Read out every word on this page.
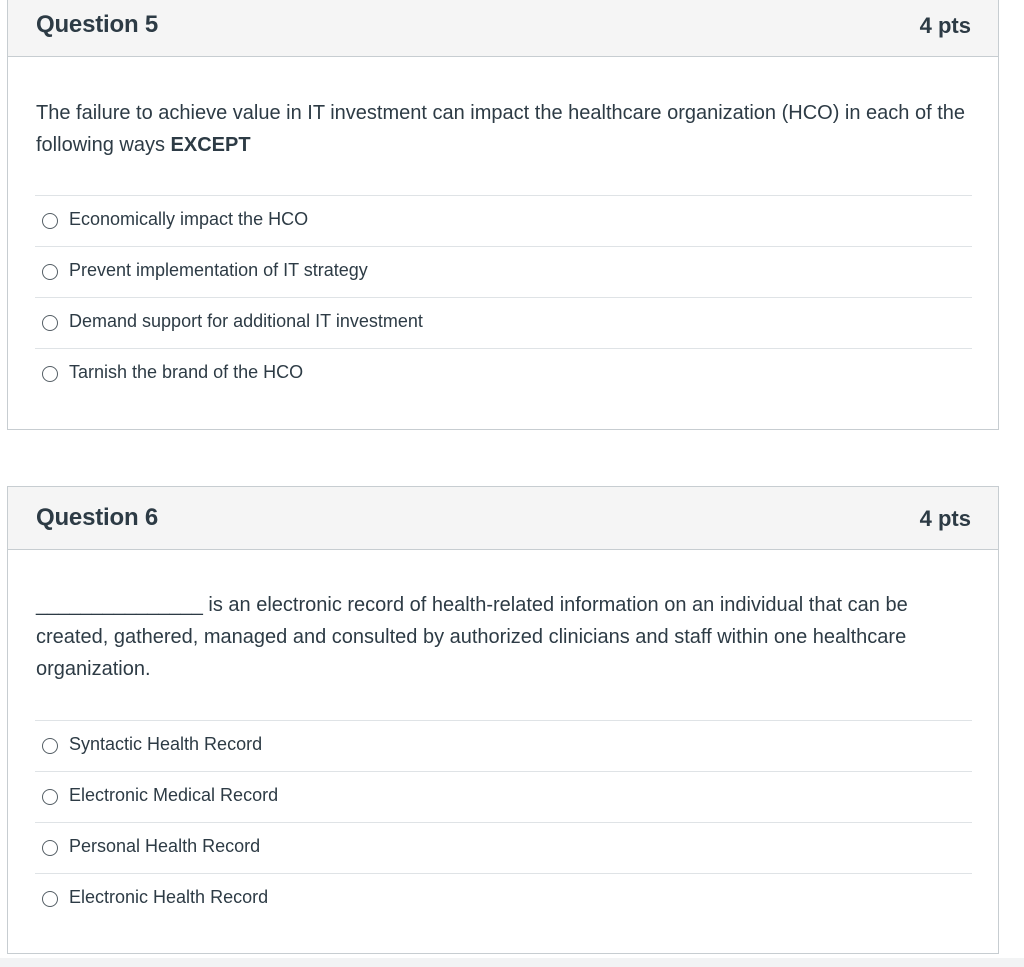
Question 5	4 pts
The failure to achieve value in IT investment can impact the healthcare organization (HCO) in each of the following ways EXCEPT
Economically impact the HCO
Prevent implementation of IT strategy
Demand support for additional IT investment
Tarnish the brand of the HCO
Question 6	4 pts
_______________ is an electronic record of health-related information on an individual that can be created, gathered, managed and consulted by authorized clinicians and staff within one healthcare organization.
Syntactic Health Record
Electronic Medical Record
Personal Health Record
Electronic Health Record
